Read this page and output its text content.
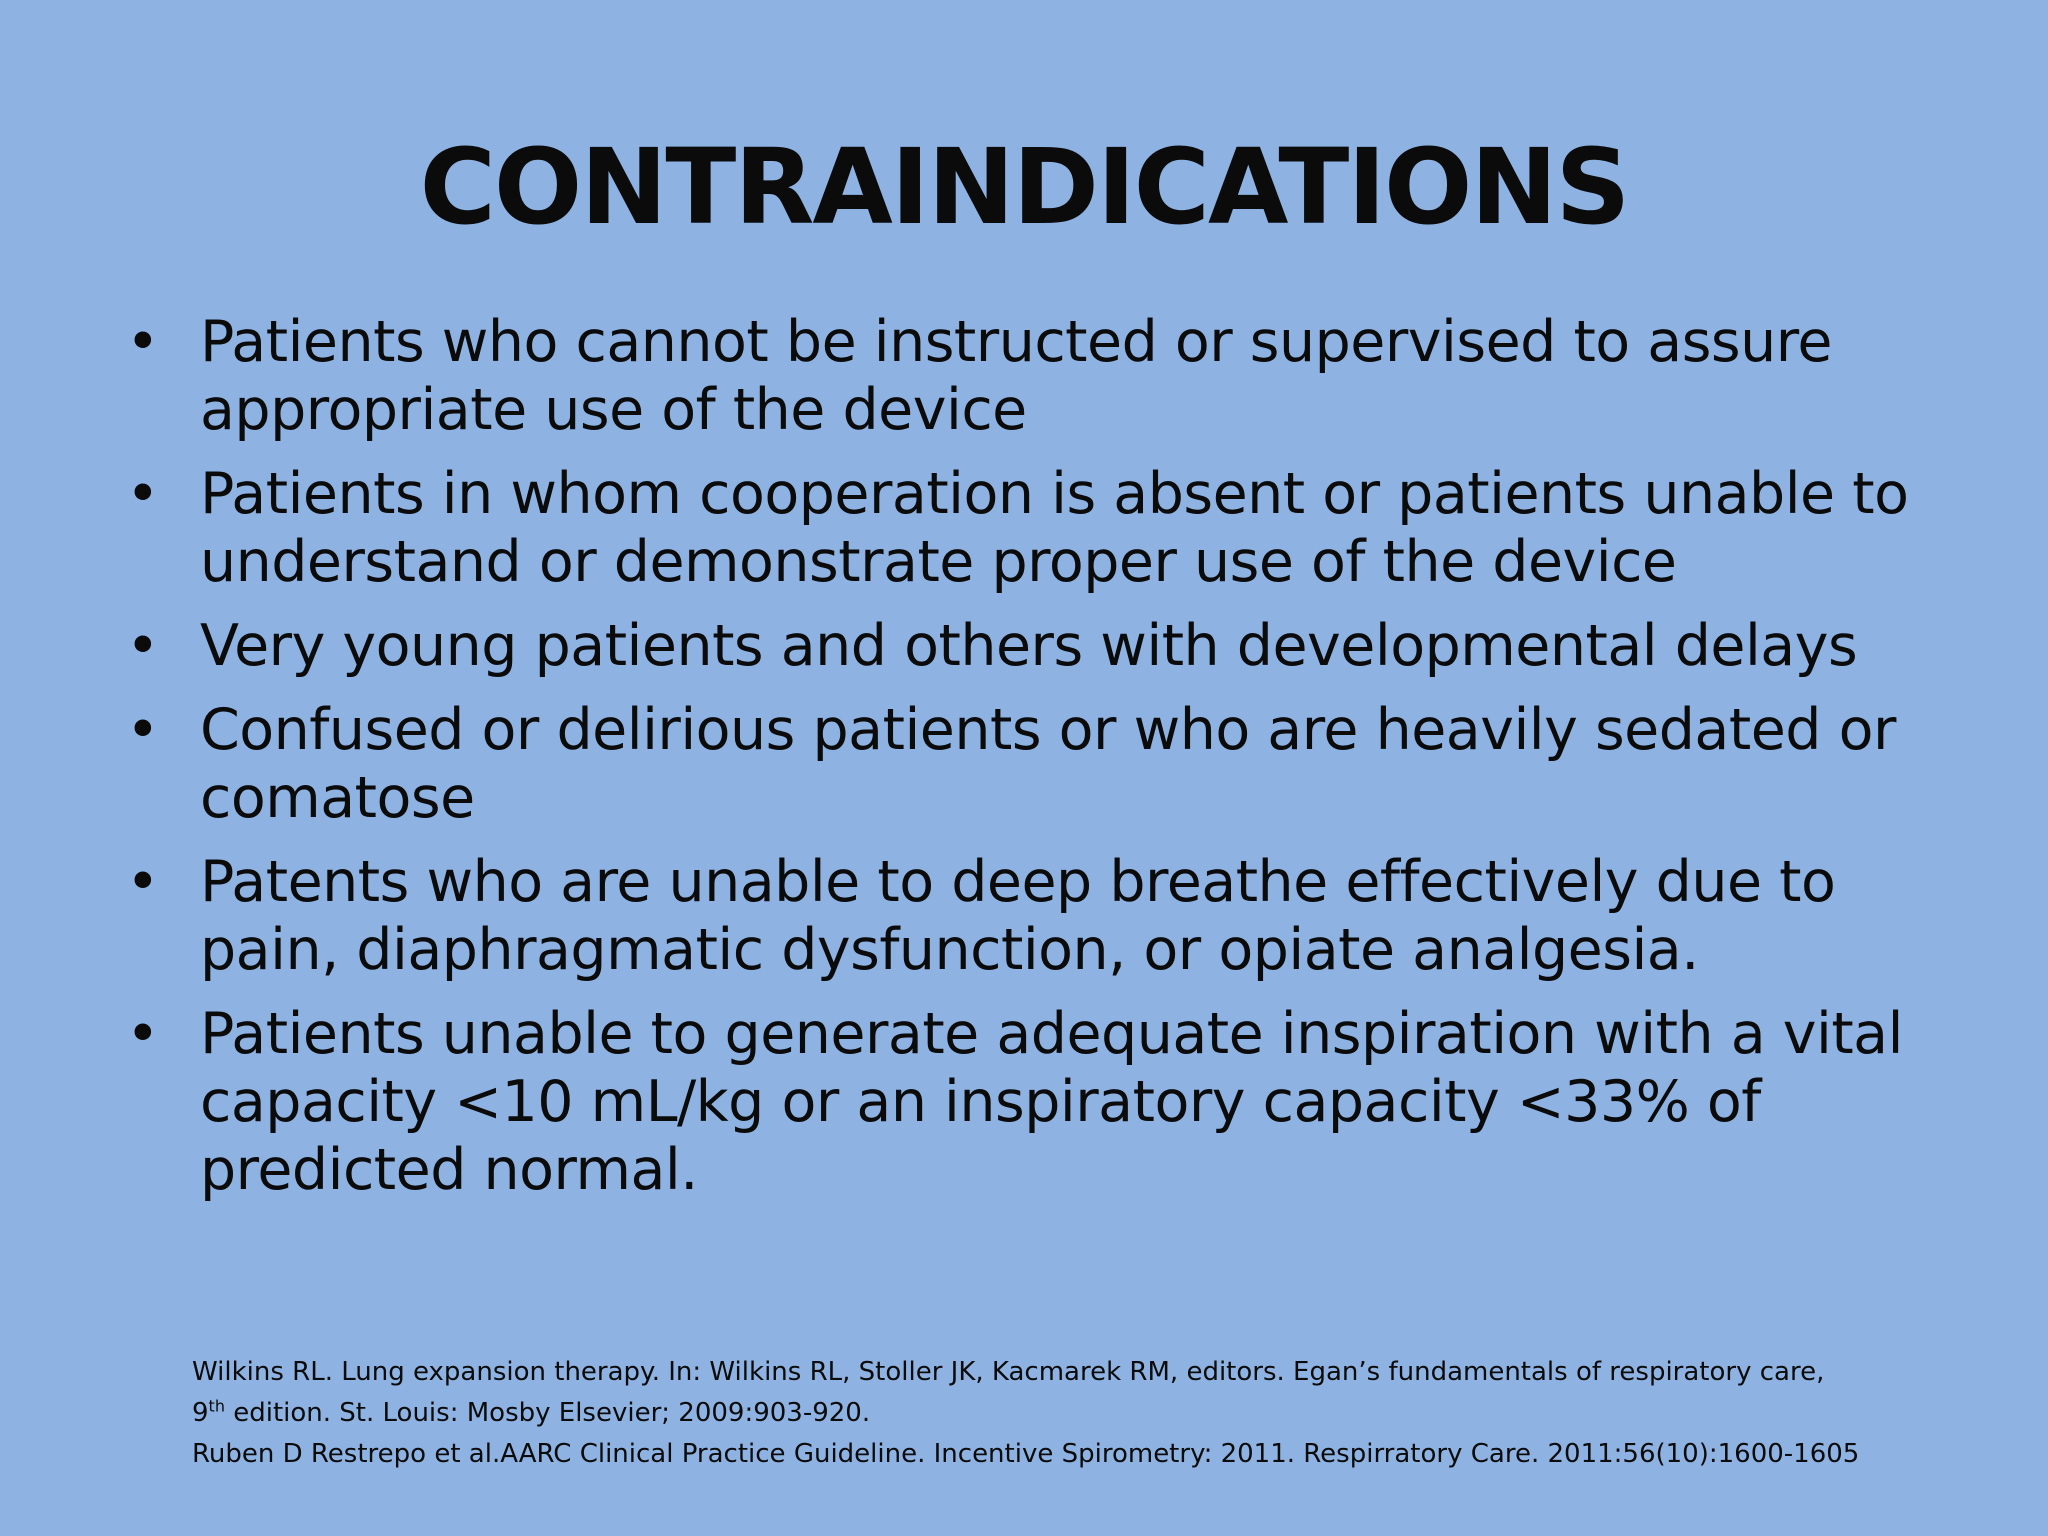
CONTRAINDICATIONS
• Patients who cannot be instructed or supervised to assure appropriate use of the device
• Patients in whom cooperation is absent or patients unable to understand or demonstrate proper use of the device
• Very young patients and others with developmental delays
• Confused or delirious patients or who are heavily sedated or comatose
• Patents who are unable to deep breathe effectively due to pain, diaphragmatic dysfunction, or opiate analgesia.
• Patients unable to generate adequate inspiration with a vital capacity <10 mL/kg or an inspiratory capacity <33% of predicted normal.
Wilkins RL. Lung expansion therapy. In: Wilkins RL, Stoller JK, Kacmarek RM, editors. Egan’s fundamentals of respiratory care,
9th edition. St. Louis: Mosby Elsevier; 2009:903-920.
Ruben D Restrepo et al.AARC Clinical Practice Guideline. Incentive Spirometry: 2011. Respirratory Care. 2011:56(10):1600-1605
